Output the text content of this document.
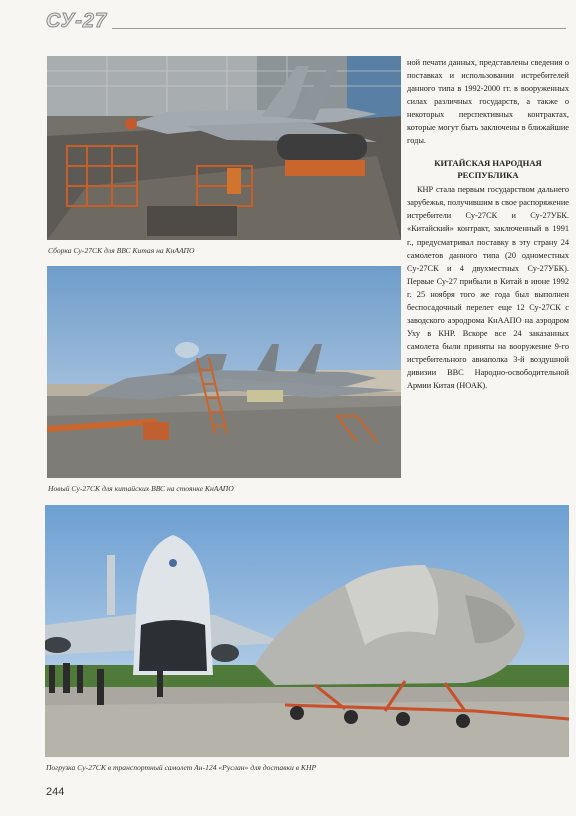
СУ-27
Сборка Су-27СК для ВВС Китая на КнААПО
Новый Су-27СК для китайских ВВС на стоянке КнААПО
Погрузка Су-27СК в транспортный самолет Ан-124 «Руслан» для доставки в КНР

ной печати данных, представлены сведения о поставках и использовании истребителей данного типа в 1992-2000 гг. в вооруженных силах различных государств, а также о некоторых перспективных контрактах, которые могут быть заключены в ближайшие годы.

КИТАЙСКАЯ НАРОДНАЯ РЕСПУБЛИКА

КНР стала первым государством дальнего зарубежья, получившим в свое распоряжение истребители Су-27СК и Су-27УБК. «Китайский» контракт, заключенный в 1991 г., предусматривал поставку в эту страну 24 самолетов данного типа (20 одноместных Су-27СК и 4 двухместных Су-27УБК). Первые Су-27 прибыли в Китай в июне 1992 г. 25 ноября того же года был выполнен беспосадочный перелет еще 12 Су-27СК с заводского аэродрома КнААПО на аэродром Уху в КНР. Вскоре все 24 заказанных самолета были приняты на вооружение 9-го истребительного авиаполка 3-й воздушной дивизии ВВС Народно-освободительной Армии Китая (НОАК).

244
